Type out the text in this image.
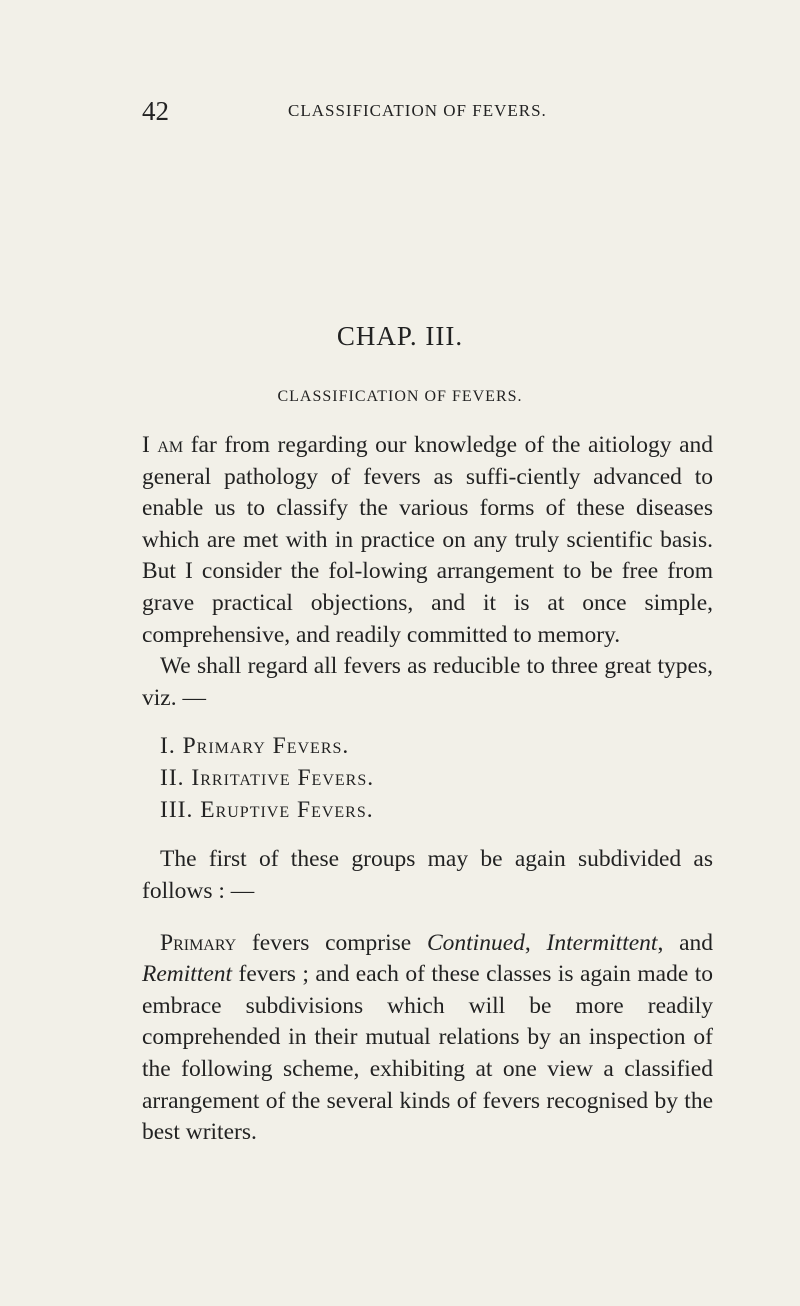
42	CLASSIFICATION OF FEVERS.
CHAP. III.
CLASSIFICATION OF FEVERS.

I am far from regarding our knowledge of the aitiology and general pathology of fevers as suffi-ciently advanced to enable us to classify the various forms of these diseases which are met with in practice on any truly scientific basis. But I consider the fol-lowing arrangement to be free from grave practical objections, and it is at once simple, comprehensive, and readily committed to memory.

We shall regard all fevers as reducible to three great types, viz. —

I. Primary Fevers.
II. Irritative Fevers.
III. Eruptive Fevers.

The first of these groups may be again subdivided as follows : —

Primary fevers comprise Continued, Intermittent, and Remittent fevers ; and each of these classes is again made to embrace subdivisions which will be more readily comprehended in their mutual relations by an inspection of the following scheme, exhibiting at one view a classified arrangement of the several kinds of fevers recognised by the best writers.
